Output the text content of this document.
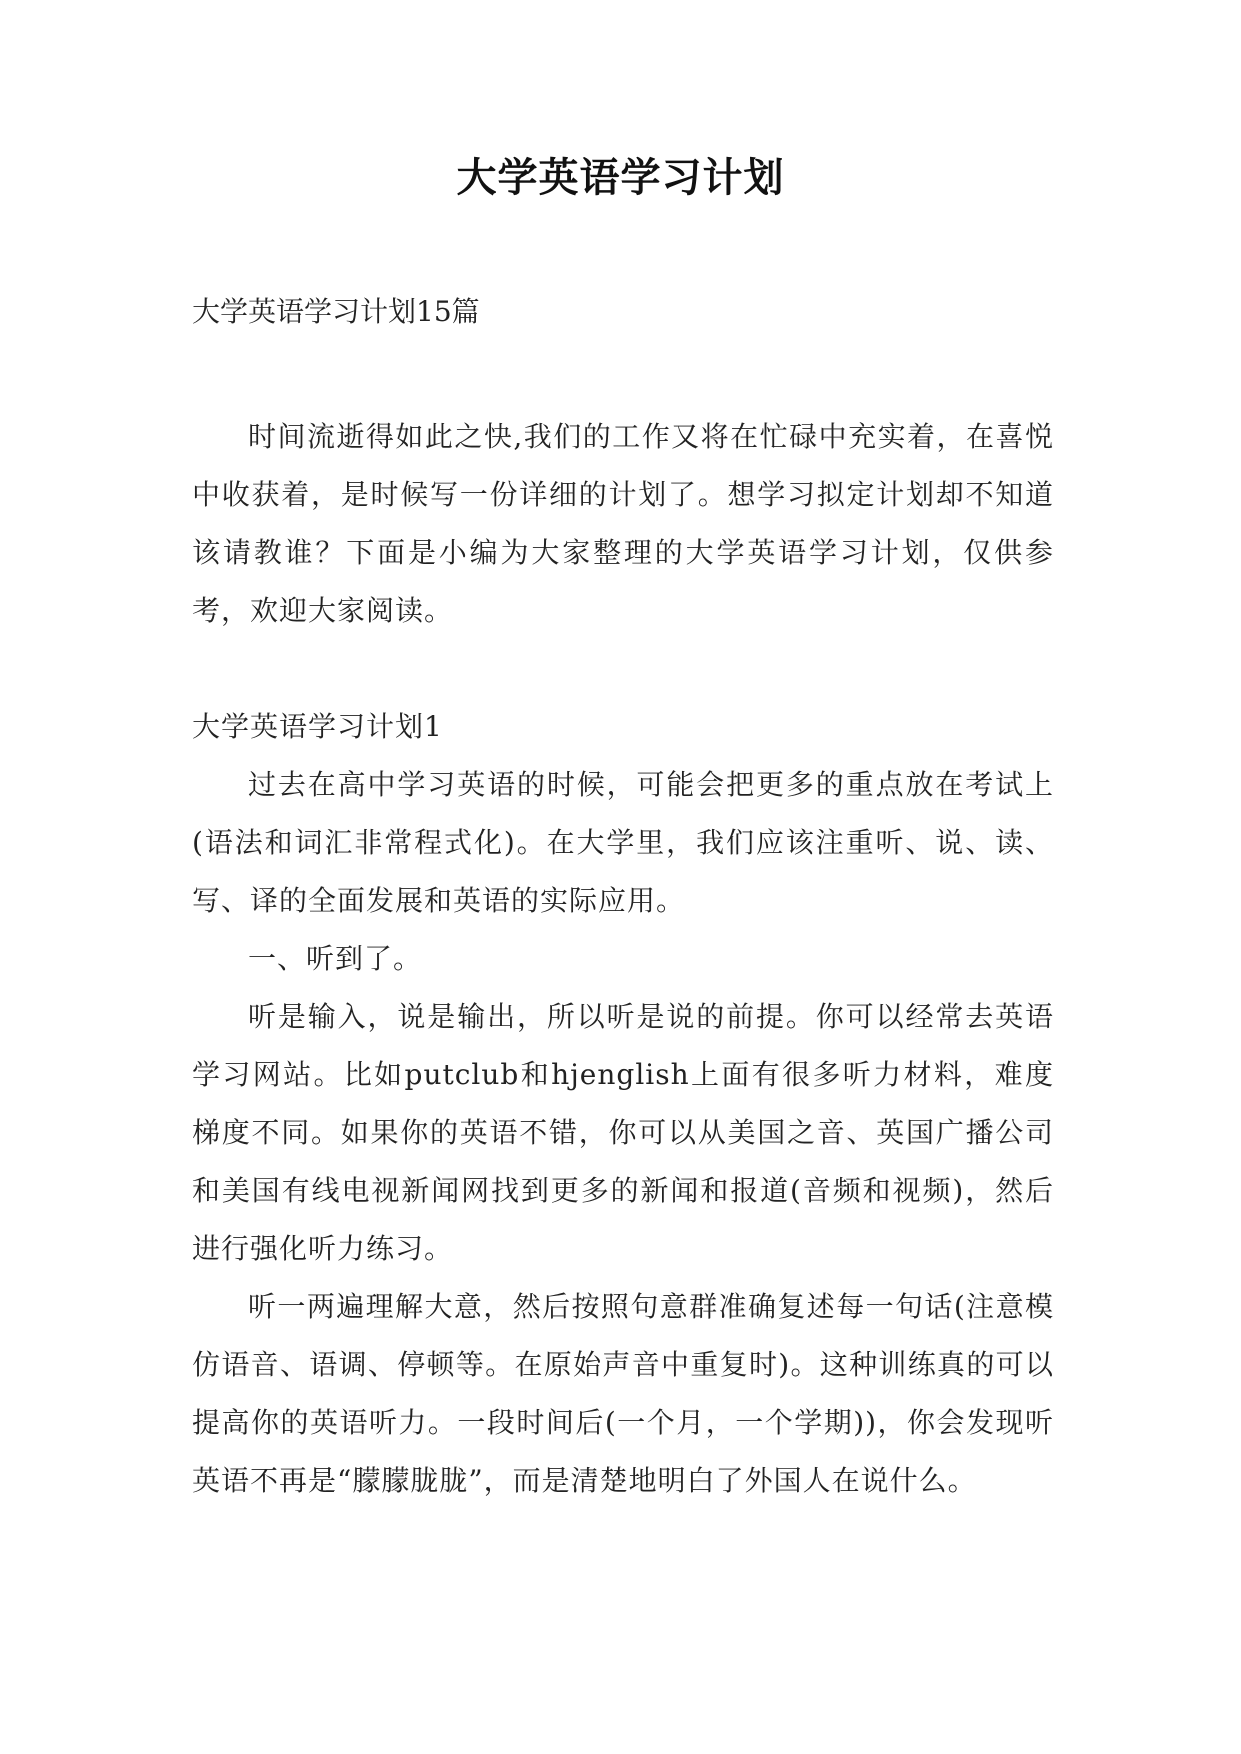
大学英语学习计划

大学英语学习计划15篇

时间流逝得如此之快,我们的工作又将在忙碌中充实着，在喜悦中收获着，是时候写一份详细的计划了。想学习拟定计划却不知道该请教谁？下面是小编为大家整理的大学英语学习计划，仅供参考，欢迎大家阅读。

大学英语学习计划1

过去在高中学习英语的时候，可能会把更多的重点放在考试上(语法和词汇非常程式化)。在大学里，我们应该注重听、说、读、写、译的全面发展和英语的实际应用。

一、听到了。

听是输入，说是输出，所以听是说的前提。你可以经常去英语学习网站。比如putclub和hjenglish上面有很多听力材料，难度梯度不同。如果你的英语不错，你可以从美国之音、英国广播公司和美国有线电视新闻网找到更多的新闻和报道(音频和视频)，然后进行强化听力练习。

听一两遍理解大意，然后按照句意群准确复述每一句话(注意模仿语音、语调、停顿等。在原始声音中重复时)。这种训练真的可以提高你的英语听力。一段时间后(一个月，一个学期))，你会发现听英语不再是“朦朦胧胧”，而是清楚地明白了外国人在说什么。
